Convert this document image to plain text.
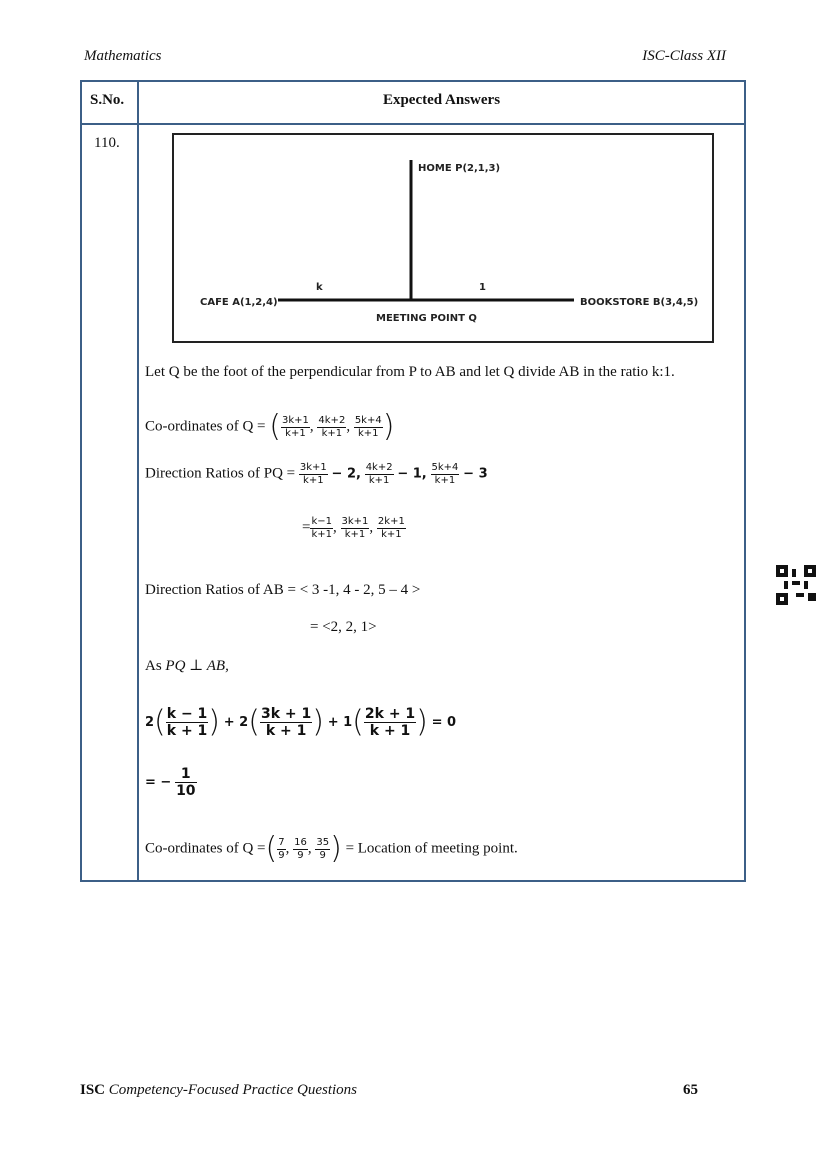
Mathematics	ISC-Class XII
S.No.	Expected Answers
110.
HOME P(2,1,3)
CAFE A(1,2,4)	BOOKSTORE B(3,4,5)
MEETING POINT Q
k	1
Let Q be the foot of the perpendicular from P to AB and let Q divide AB in the ratio k:1.
Co-ordinates of Q = ( $\frac{3k+1}{k+1}$ , $\frac{4k+2}{k+1}$ , $\frac{5k+4}{k+1}$ )
Direction Ratios of PQ = $\frac{3k+1}{k+1} - 2$, $\frac{4k+2}{k+1} - 1$, $\frac{5k+4}{k+1} - 3$
= $\frac{k-1}{k+1}$ , $\frac{3k+1}{k+1}$ , $\frac{2k+1}{k+1}$
Direction Ratios of AB = < 3 -1, 4 - 2, 5 – 4 >
= <2, 2, 1>
As PQ ⊥ AB,
$2( \frac{k - 1}{k + 1}$ ) + $2( \frac{3k + 1}{k + 1}$ ) + $1( \frac{2k + 1}{k + 1}$ ) = 0
= − $\frac{1}{10}$
Co-ordinates of Q =( $\frac{7}{9}$ , $\frac{16}{9}$ , $\frac{35}{9}$ ) = Location of meeting point.
ISC Competency-Focused Practice Questions	65
